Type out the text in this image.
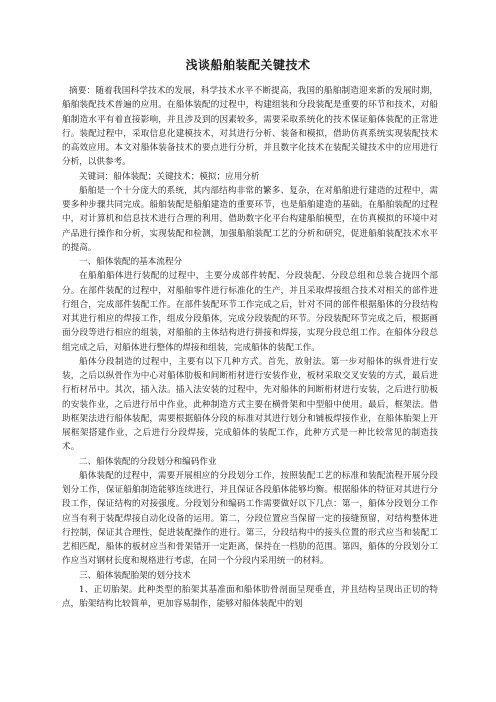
浅谈船舶装配关键技术

摘要：随着我国科学技术的发展，科学技术水平不断提高，我国的船舶制造迎来新的发展时期，船舶装配技术普遍的应用。在船体装配的过程中，构建组装和分段装配是重要的环节和技术，对船舶制造水平有着直接影响，并且涉及到的因素较多，需要采取系统化的技术保证船体装配的正常进行。装配过程中，采取信息化建模技术，对其进行分析、装备和模拟，借助仿真系统实现装配技术的高效应用。本文对船体装备技术的要点进行分析，并且数字化技术在装配关键技术中的应用进行分析，以供参考。

关键词：船体装配；关键技术；模拟；应用分析

船舶是一个十分庞大的系统，其内部结构非常的繁多、复杂，在对船舶进行建造的过程中，需要多种步骤共同完成。船舶装配是船舶建造的重要环节，也是船舶建造的基础。在船舶装配的过程中，对计算机和信息技术进行合理的利用，借助数字化平台构建船舶模型，在仿真模拟的环境中对产品进行操作和分析，实现装配和检测，加强船舶装配工艺的分析和研究，促进船舶装配技术水平的提高。

一、船体装配的基本流程分

在船舶船体进行装配的过程中，主要分成部件转配、分段装配、分段总组和总装合拢四个部分。在部件装配的过程中，对船舶零件进行标准化的生产，并且采取焊接组合技术对相关的部件进行组合，完成部件装配工作。在部件装配环节工作完成之后，针对不同的部件根据船体的分段结构对其进行相应的焊接工作，组成分段船体，完成分段装配的环节。分段装配环节完成之后，根据画面分段等进行相应的组装，对船舶的主体结构进行拼接和焊接，实现分段总组工作。在船体分段总组完成之后，对船体进行整体的焊接和组装，完成船体的装配工作。

船体分段制造的过程中，主要有以下几种方式。首先，放射法。第一步对船体的纵骨进行安装，之后以纵骨作为中心对船体肋板和间断桁材进行安装作业，板材采取交叉安装的方式，最后进行桁材吊中。其次，插入法。插入法安装的过程中，先对船体的间断桁材进行安装，之后进行肋板的安装作业，之后进行吊中作业，此种制造方式主要在横骨架和中型船中使用。最后，框架法。借助框架法进行船体装配，需要根据船体分段的标准对其进行划分和铺板焊接作业，在船体胎架上开展框架搭建作业，之后进行分段焊接，完成船体的装配工作，此种方式是一种比较常见的制造技术。

二、船体装配的分段划分和编码作业

船体装配的过程中，需要开展相应的分段划分工作，按照装配工艺的标准和装配流程开展分段划分工作，保证船舶制造能够连续进行，并且保证各段船体能够均衡。根据船体的特征对其进行分段工作，保证结构的对接强度。分段划分和编码工作需要做好以下几点：第一，船体分段划分工作应当有利于装配焊接自动化设备的运用。第二，分段位置应当保留一定的接缝预留，对结构整体进行控制，保证其合理性，促进装配操作的进行。第三，分段结构中的接头位置的形式应当和装配工艺相匹配，船体的板材应当和骨架错开一定距离，保持在一档肋的范围。第四，船体的分段划分工作应当对钢材长度和规格进行考虑，在同一个分段内采用统一的材料。

三、船体装配胎架的划分技术

1、正切胎架。此种类型的胎架其基准面和船体肋骨剖面呈现垂直，并且结构呈现出正切的特点，胎架结构比较简单，更加容易制作，能够对船体装配中的划
